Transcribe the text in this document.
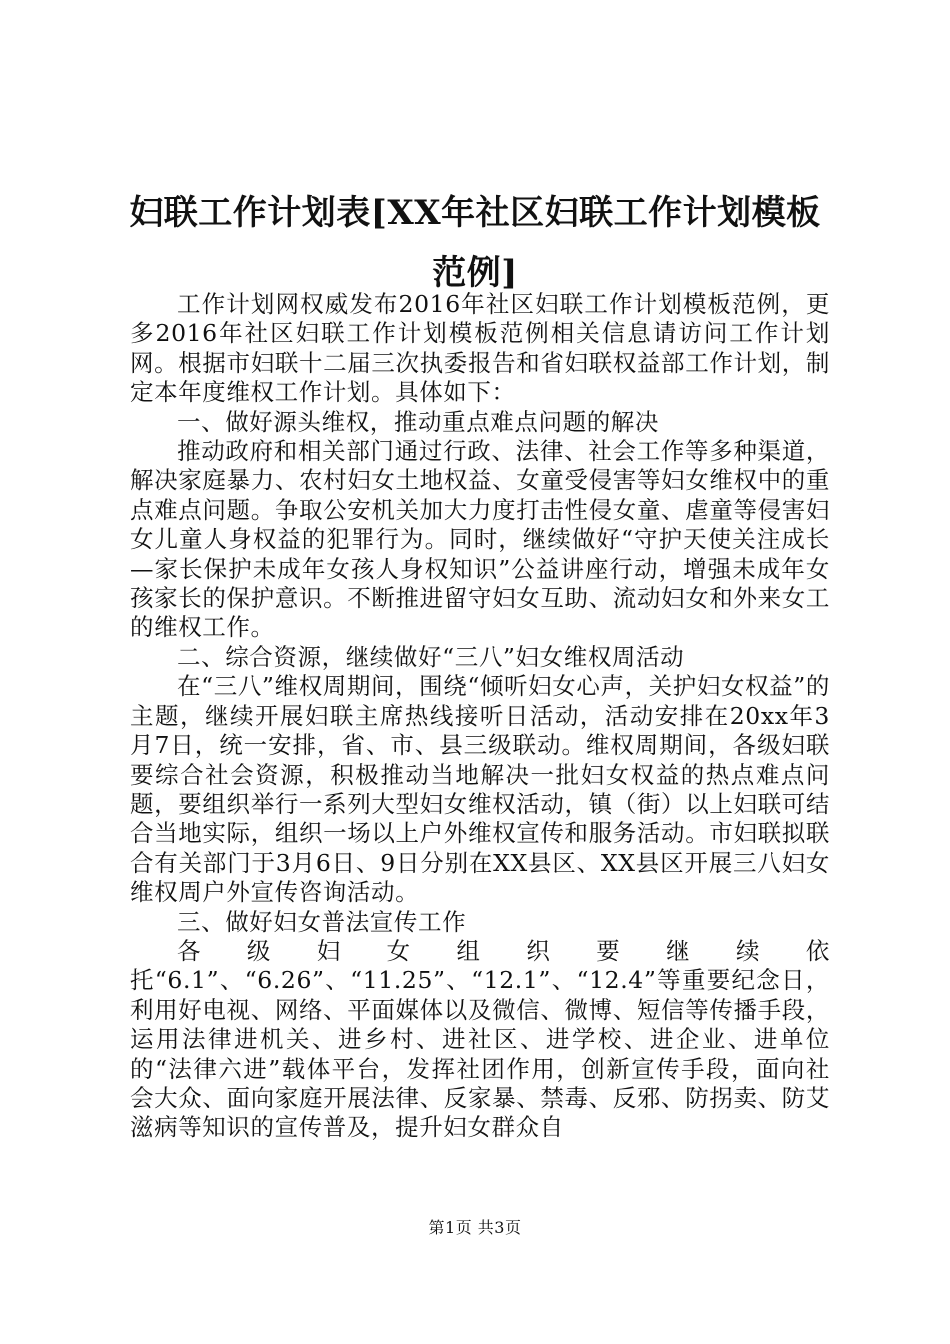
妇联工作计划表[XX年社区妇联工作计划模板范例]

工作计划网权威发布2016年社区妇联工作计划模板范例，更多2016年社区妇联工作计划模板范例相关信息请访问工作计划网。根据市妇联十二届三次执委报告和省妇联权益部工作计划，制定本年度维权工作计划。具体如下：

一、做好源头维权，推动重点难点问题的解决

推动政府和相关部门通过行政、法律、社会工作等多种渠道，解决家庭暴力、农村妇女土地权益、女童受侵害等妇女维权中的重点难点问题。争取公安机关加大力度打击性侵女童、虐童等侵害妇女儿童人身权益的犯罪行为。同时，继续做好“守护天使关注成长—家长保护未成年女孩人身权知识”公益讲座行动，增强未成年女孩家长的保护意识。不断推进留守妇女互助、流动妇女和外来女工的维权工作。

二、综合资源，继续做好“三八”妇女维权周活动

在“三八”维权周期间，围绕“倾听妇女心声，关护妇女权益”的主题，继续开展妇联主席热线接听日活动，活动安排在20xx年3月7日，统一安排，省、市、县三级联动。维权周期间，各级妇联要综合社会资源，积极推动当地解决一批妇女权益的热点难点问题，要组织举行一系列大型妇女维权活动，镇（街）以上妇联可结合当地实际，组织一场以上户外维权宣传和服务活动。市妇联拟联合有关部门于3月6日、9日分别在XX县区、XX县区开展三八妇女维权周户外宣传咨询活动。

三、做好妇女普法宣传工作

各级妇女组织要继续依托“6.1”、“6.26”、“11.25”、“12.1”、“12.4”等重要纪念日，利用好电视、网络、平面媒体以及微信、微博、短信等传播手段，运用法律进机关、进乡村、进社区、进学校、进企业、进单位的“法律六进”载体平台，发挥社团作用，创新宣传手段，面向社会大众、面向家庭开展法律、反家暴、禁毒、反邪、防拐卖、防艾滋病等知识的宣传普及，提升妇女群众自

第1页 共3页
